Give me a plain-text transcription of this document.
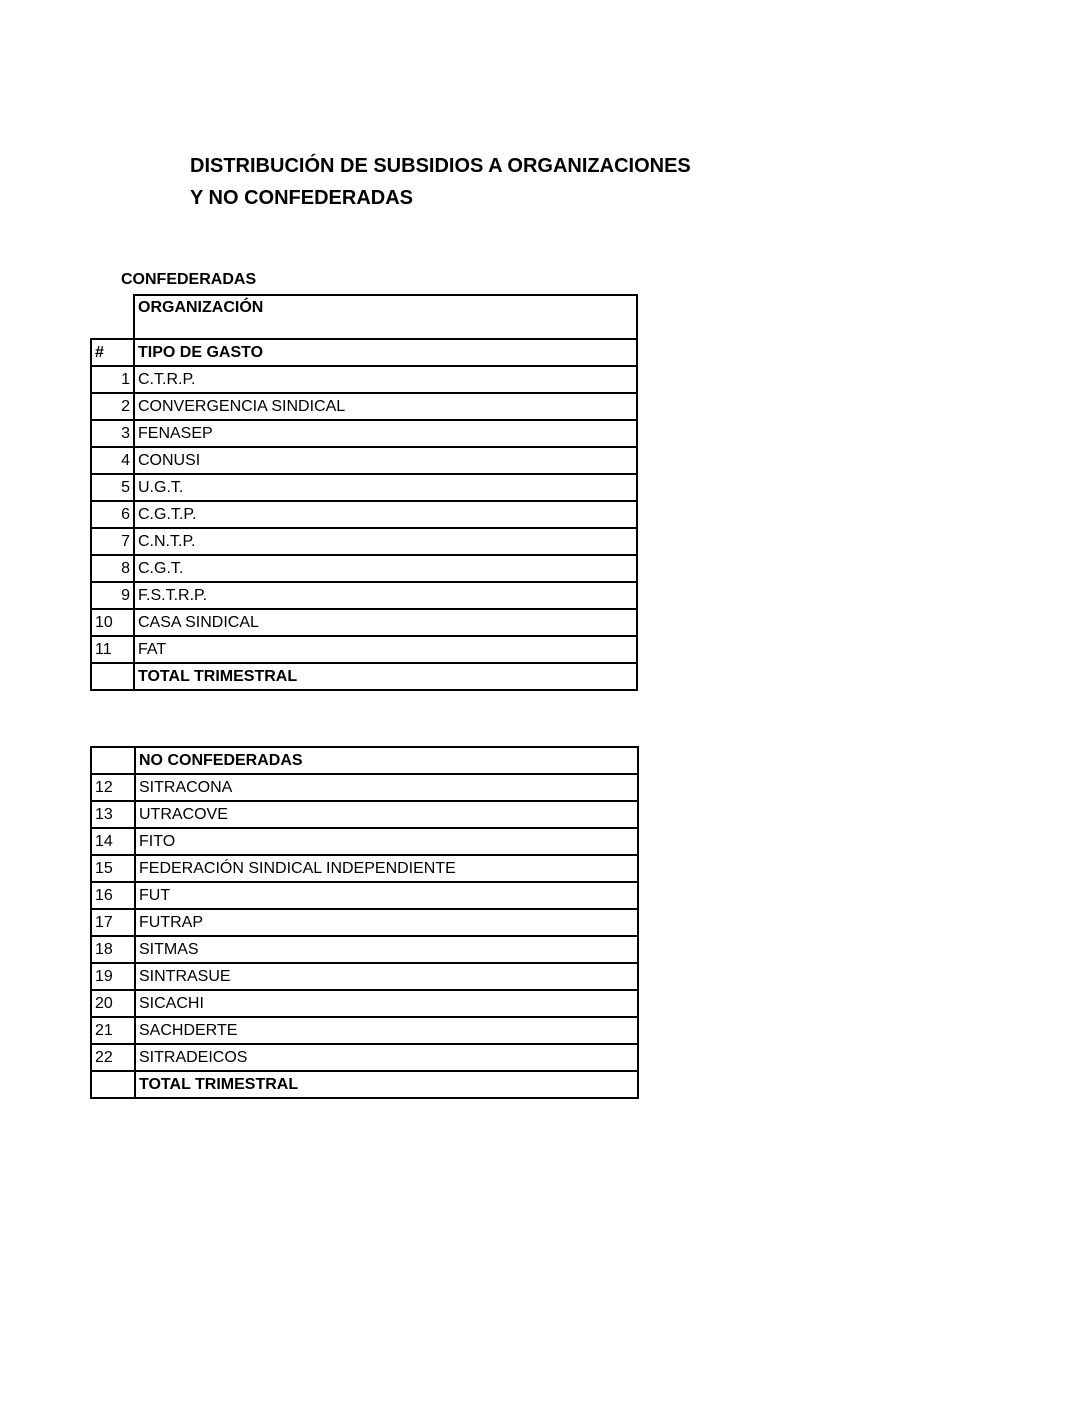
DISTRIBUCIÓN DE SUBSIDIOS A ORGANIZACIONES
Y NO CONFEDERADAS
CONFEDERADAS
	ORGANIZACIÓN
#	TIPO DE GASTO
1	C.T.R.P.
2	CONVERGENCIA SINDICAL
3	FENASEP
4	CONUSI
5	U.G.T.
6	C.G.T.P.
7	C.N.T.P.
8	C.G.T.
9	F.S.T.R.P.
10	CASA SINDICAL
11	FAT
	TOTAL TRIMESTRAL
	NO CONFEDERADAS
12	SITRACONA
13	UTRACOVE
14	FITO
15	FEDERACIÓN SINDICAL INDEPENDIENTE
16	FUT
17	FUTRAP
18	SITMAS
19	SINTRASUE
20	SICACHI
21	SACHDERTE
22	SITRADEICOS
	TOTAL TRIMESTRAL
